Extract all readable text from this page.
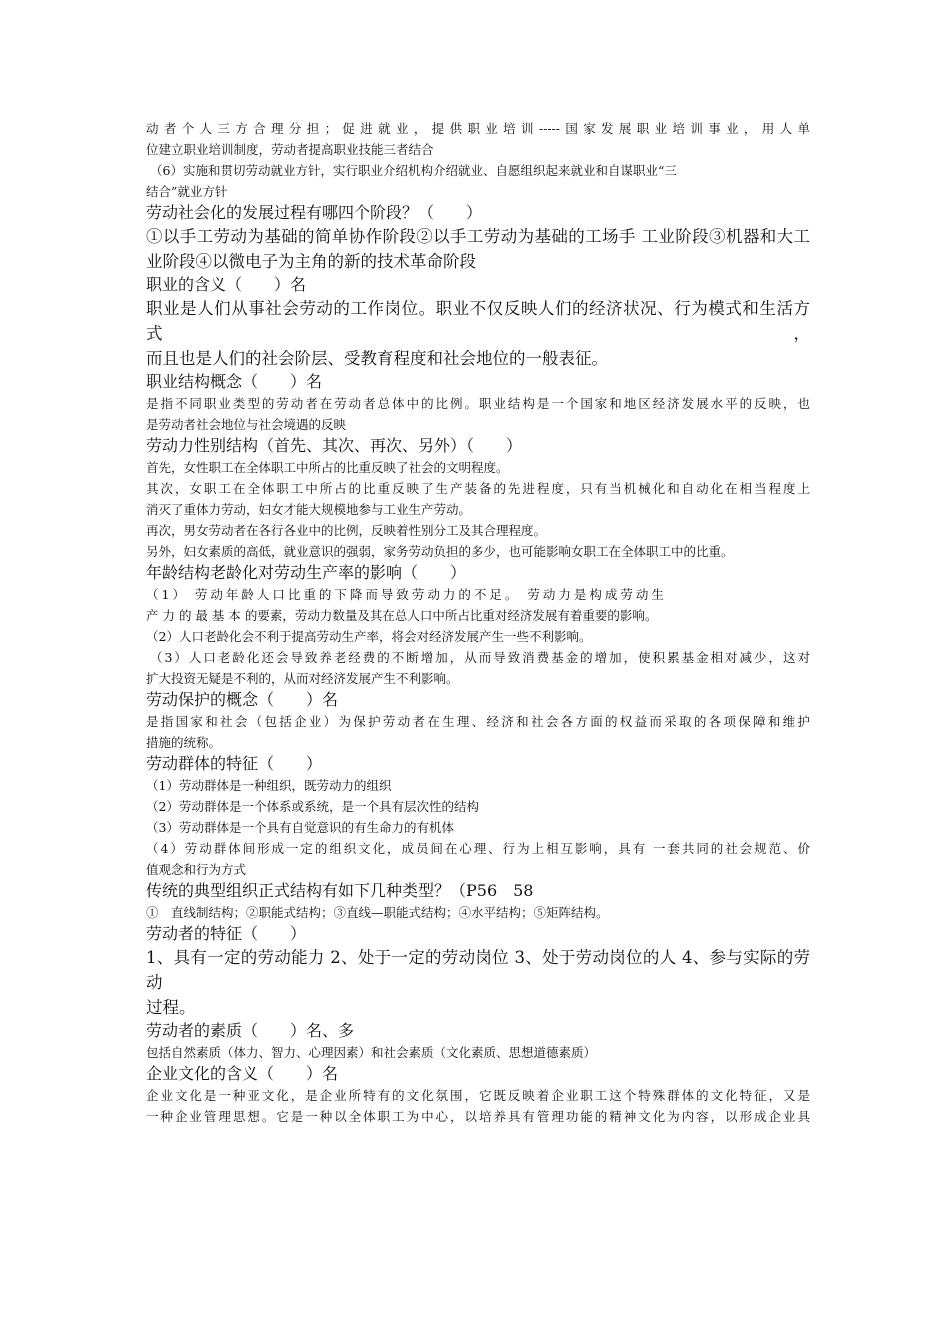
动者个人三方合理分担；促进就业，提供职业培训-----国家发展职业培训事业，用人单
位建立职业培训制度，劳动者提高职业技能三者结合
（6）实施和贯切劳动就业方针，实行职业介绍机构介绍就业、自愿组织起来就业和自谋职业“三
结合”就业方针
劳动社会化的发展过程有哪四个阶段？（　　）
①以手工劳动为基础的简单协作阶段②以手工劳动为基础的工场手 工业阶段③机器和大工
业阶段④以微电子为主角的新的技术革命阶段
职业的含义（　　）名
职业是人们从事社会劳动的工作岗位。职业不仅反映人们的经济状况、行为模式和生活方式，
而且也是人们的社会阶层、受教育程度和社会地位的一般表征。
职业结构概念（　　）名
是指不同职业类型的劳动者在劳动者总体中的比例。职业结构是一个国家和地区经济发展水平的反映，也
是劳动者社会地位与社会境遇的反映
劳动力性别结构（首先、其次、再次、另外）（　　）
首先，女性职工在全体职工中所占的比重反映了社会的文明程度。
其次，女职工在全体职工中所占的比重反映了生产装备的先进程度，只有当机械化和自动化在相当程度上
消灭了重体力劳动，妇女才能大规模地参与工业生产劳动。
再次，男女劳动者在各行各业中的比例，反映着性别分工及其合理程度。
另外，妇女素质的高低，就业意识的强弱，家务劳动负担的多少，也可能影响女职工在全体职工中的比重。
年龄结构老龄化对劳动生产率的影响（　　）
（1） 劳动年龄人口比重的下降而导致劳动力的不足。 劳动力是构成劳动生
产 力 的 最 基 本 的要素，劳动力数量及其在总人口中所占比重对经济发展有着重要的影响。
（2）人口老龄化会不利于提高劳动生产率，将会对经济发展产生一些不利影响。
（3）人口老龄化还会导致养老经费的不断增加，从而导致消费基金的增加，使积累基金相对减少，这对
扩大投资无疑是不利的，从而对经济发展产生不利影响。
劳动保护的概念（　　）名
是指国家和社会（包括企业）为保护劳动者在生理、经济和社会各方面的权益而采取的各项保障和维护
措施的统称。
劳动群体的特征（　　）
（1）劳动群体是一种组织，既劳动力的组织
（2）劳动群体是一个体系或系统，是一个具有层次性的结构
（3）劳动群体是一个具有自觉意识的有生命力的有机体
（4）劳动群体间形成一定的组织文化，成员间在心理、行为上相互影响，具有 一套共同的社会规范、价
值观念和行为方式
传统的典型组织正式结构有如下几种类型？（P56　58
①　直线制结构；②职能式结构；③直线—职能式结构；④水平结构；⑤矩阵结构。
劳动者的特征（　　）
1、具有一定的劳动能力 2、处于一定的劳动岗位 3、处于劳动岗位的人 4、参与实际的劳动
过程。
劳动者的素质（　　）名、多
包括自然素质（体力、智力、心理因素）和社会素质（文化素质、思想道德素质）
企业文化的含义（　　）名
企业文化是一种亚文化，是企业所特有的文化氛围，它既反映着企业职工这个特殊群体的文化特征，又是
一种企业管理思想。它是一种以全体职工为中心，以培养具有管理功能的精神文化为内容，以形成企业具
